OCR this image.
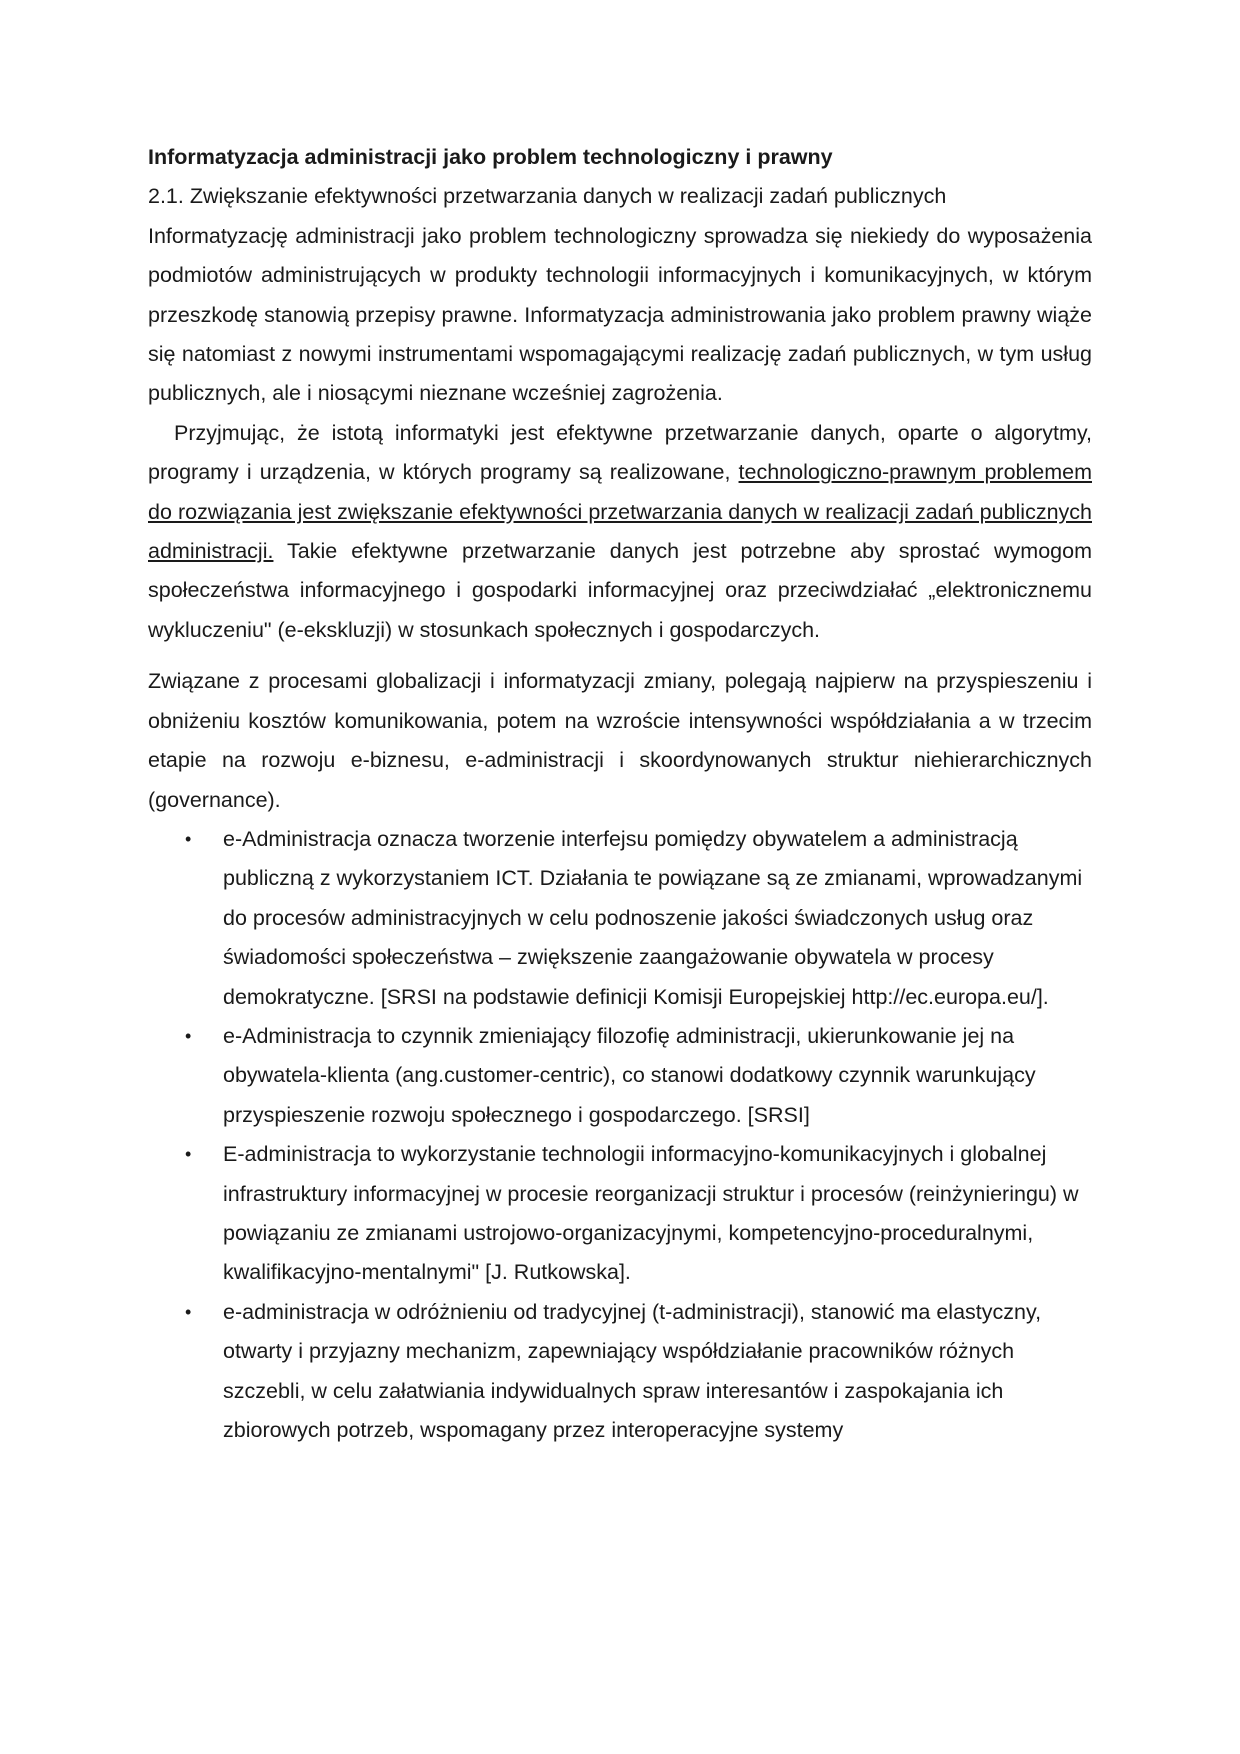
Informatyzacja administracji jako problem technologiczny i prawny

2.1. Zwiększanie efektywności przetwarzania danych w realizacji zadań publicznych

Informatyzację administracji jako problem technologiczny sprowadza się niekiedy do wyposażenia podmiotów administrujących w produkty technologii informacyjnych i komunikacyjnych, w którym przeszkodę stanowią przepisy prawne. Informatyzacja administrowania jako problem prawny wiąże się natomiast z nowymi instrumentami wspomagającymi realizację zadań publicznych, w tym usług publicznych, ale i niosącymi nieznane wcześniej zagrożenia.

Przyjmując, że istotą informatyki jest efektywne przetwarzanie danych, oparte o algorytmy, programy i urządzenia, w których programy są realizowane, technologiczno-prawnym problemem do rozwiązania jest zwiększanie efektywności przetwarzania danych w realizacji zadań publicznych administracji. Takie efektywne przetwarzanie danych jest potrzebne aby sprostać wymogom społeczeństwa informacyjnego i gospodarki informacyjnej oraz przeciwdziałać „elektronicznemu wykluczeniu" (e-ekskluzji) w stosunkach społecznych i gospodarczych.

Związane z procesami globalizacji i informatyzacji zmiany, polegają najpierw na przyspieszeniu i obniżeniu kosztów komunikowania, potem na wzroście intensywności współdziałania a w trzecim etapie na rozwoju e-biznesu, e-administracji i skoordynowanych struktur niehierarchicznych (governance).

• e-Administracja oznacza tworzenie interfejsu pomiędzy obywatelem a administracją publiczną z wykorzystaniem ICT. Działania te powiązane są ze zmianami, wprowadzanymi do procesów administracyjnych w celu podnoszenie jakości świadczonych usług oraz świadomości społeczeństwa – zwiększenie zaangażowanie obywatela w procesy demokratyczne. [SRSI na podstawie definicji Komisji Europejskiej http://ec.europa.eu/].
• e-Administracja to czynnik zmieniający filozofię administracji, ukierunkowanie jej na obywatela-klienta (ang.customer-centric), co stanowi dodatkowy czynnik warunkujący przyspieszenie rozwoju społecznego i gospodarczego. [SRSI]
• E-administracja to wykorzystanie technologii informacyjno-komunikacyjnych i globalnej infrastruktury informacyjnej w procesie reorganizacji struktur i procesów (reinżynieringu) w powiązaniu ze zmianami ustrojowo-organizacyjnymi, kompetencyjno-proceduralnymi, kwalifikacyjno-mentalnymi" [J. Rutkowska].
• e-administracja w odróżnieniu od tradycyjnej (t-administracji), stanowić ma elastyczny, otwarty i przyjazny mechanizm, zapewniający współdziałanie pracowników różnych szczebli, w celu załatwiania indywidualnych spraw interesantów i zaspokajania ich zbiorowych potrzeb, wspomagany przez interoperacyjne systemy
